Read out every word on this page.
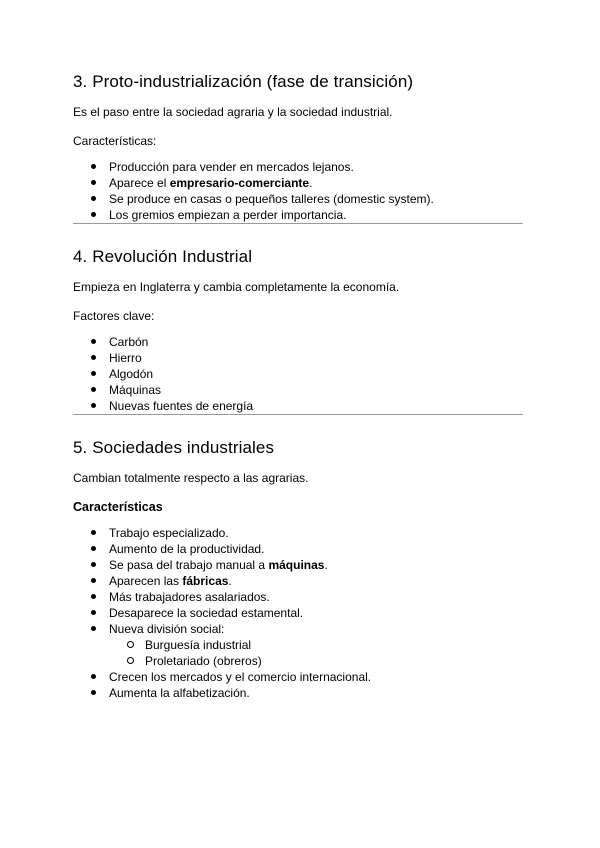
3. Proto-industrialización (fase de transición)

Es el paso entre la sociedad agraria y la sociedad industrial.

Características:

Producción para vender en mercados lejanos.
Aparece el empresario-comerciante.
Se produce en casas o pequeños talleres (domestic system).
Los gremios empiezan a perder importancia.
4. Revolución Industrial

Empieza en Inglaterra y cambia completamente la economía.

Factores clave:

Carbón
Hierro
Algodón
Máquinas
Nuevas fuentes de energía
5. Sociedades industriales

Cambian totalmente respecto a las agrarias.

Características

Trabajo especializado.
Aumento de la productividad.
Se pasa del trabajo manual a máquinas.
Aparecen las fábricas.
Más trabajadores asalariados.
Desaparece la sociedad estamental.
Nueva división social:
Burguesía industrial
Proletariado (obreros)
Crecen los mercados y el comercio internacional.
Aumenta la alfabetización.
